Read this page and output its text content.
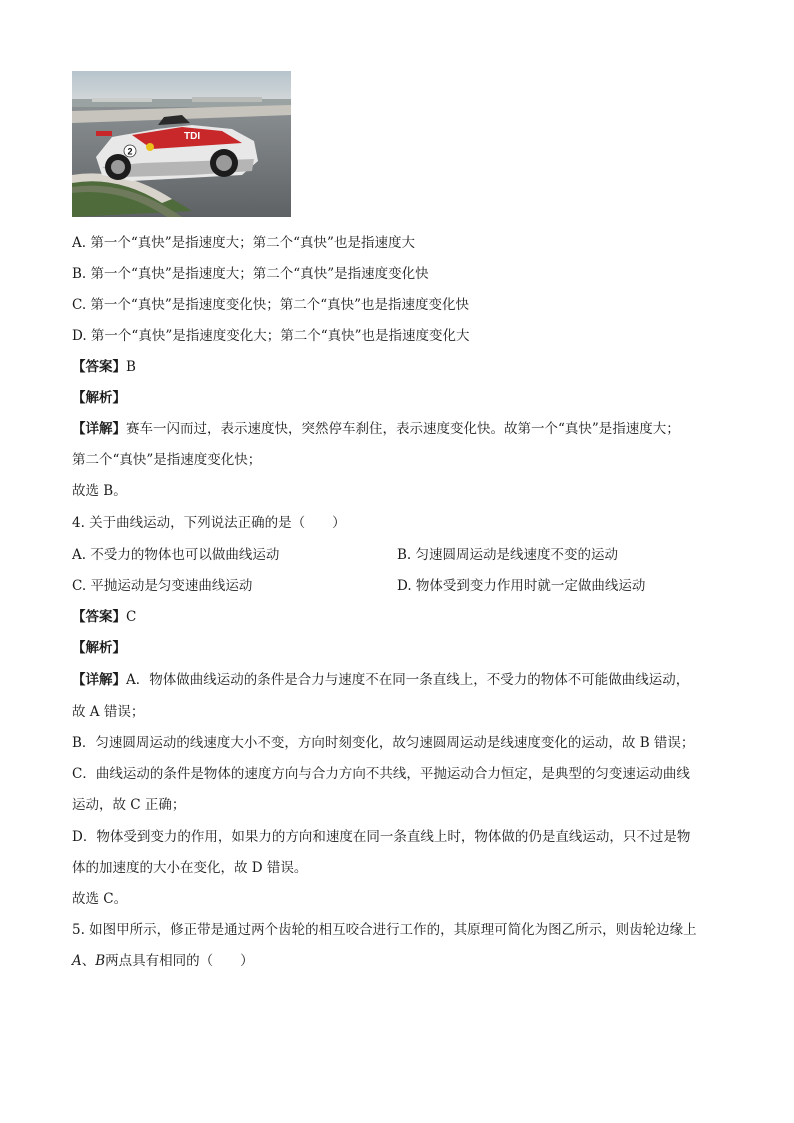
TDI
2
A. 第一个“真快”是指速度大；第二个“真快”也是指速度大
B. 第一个“真快”是指速度大；第二个“真快”是指速度变化快
C. 第一个“真快”是指速度变化快；第二个“真快”也是指速度变化快
D. 第一个“真快”是指速度变化大；第二个“真快”也是指速度变化大
【答案】B
【解析】
【详解】赛车一闪而过，表示速度快，突然停车刹住，表示速度变化快。故第一个“真快”是指速度大；
第二个“真快”是指速度变化快；
故选 B。
4. 关于曲线运动，下列说法正确的是（　　）
A. 不受力的物体也可以做曲线运动	B. 匀速圆周运动是线速度不变的运动
C. 平抛运动是匀变速曲线运动	D. 物体受到变力作用时就一定做曲线运动
【答案】C
【解析】
【详解】A．物体做曲线运动的条件是合力与速度不在同一条直线上，不受力的物体不可能做曲线运动，
故 A 错误；
B．匀速圆周运动的线速度大小不变，方向时刻变化，故匀速圆周运动是线速度变化的运动，故 B 错误；
C．曲线运动的条件是物体的速度方向与合力方向不共线，平抛运动合力恒定，是典型的匀变速运动曲线
运动，故 C 正确；
D．物体受到变力的作用，如果力的方向和速度在同一条直线上时，物体做的仍是直线运动，只不过是物
体的加速度的大小在变化，故 D 错误。
故选 C。
5. 如图甲所示，修正带是通过两个齿轮的相互咬合进行工作的，其原理可简化为图乙所示，则齿轮边缘上
A、B两点具有相同的（　　）
